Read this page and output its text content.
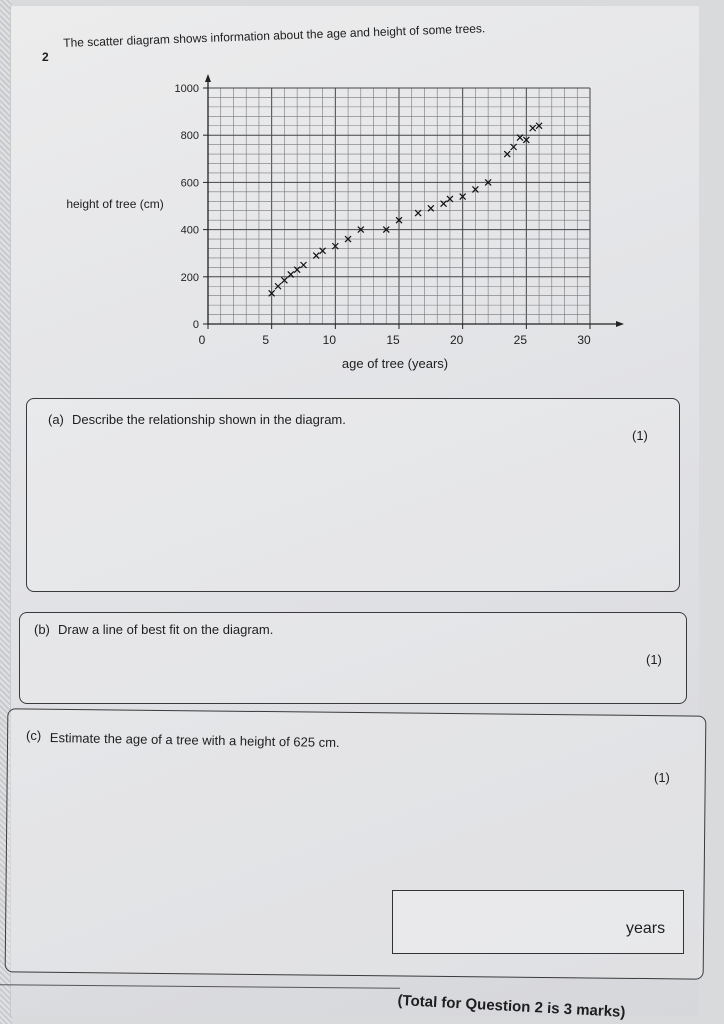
2
The scatter diagram shows information about the age and height of some trees.
height of tree (cm)
age of tree (years)
0	5	10	15	20	25	30
0
200
400
600
800
1000
(a) Describe the relationship shown in the diagram.
(1)
(b) Draw a line of best fit on the diagram.
(1)
(c) Estimate the age of a tree with a height of 625 cm.
(1)
years
(Total for Question 2 is 3 marks)
